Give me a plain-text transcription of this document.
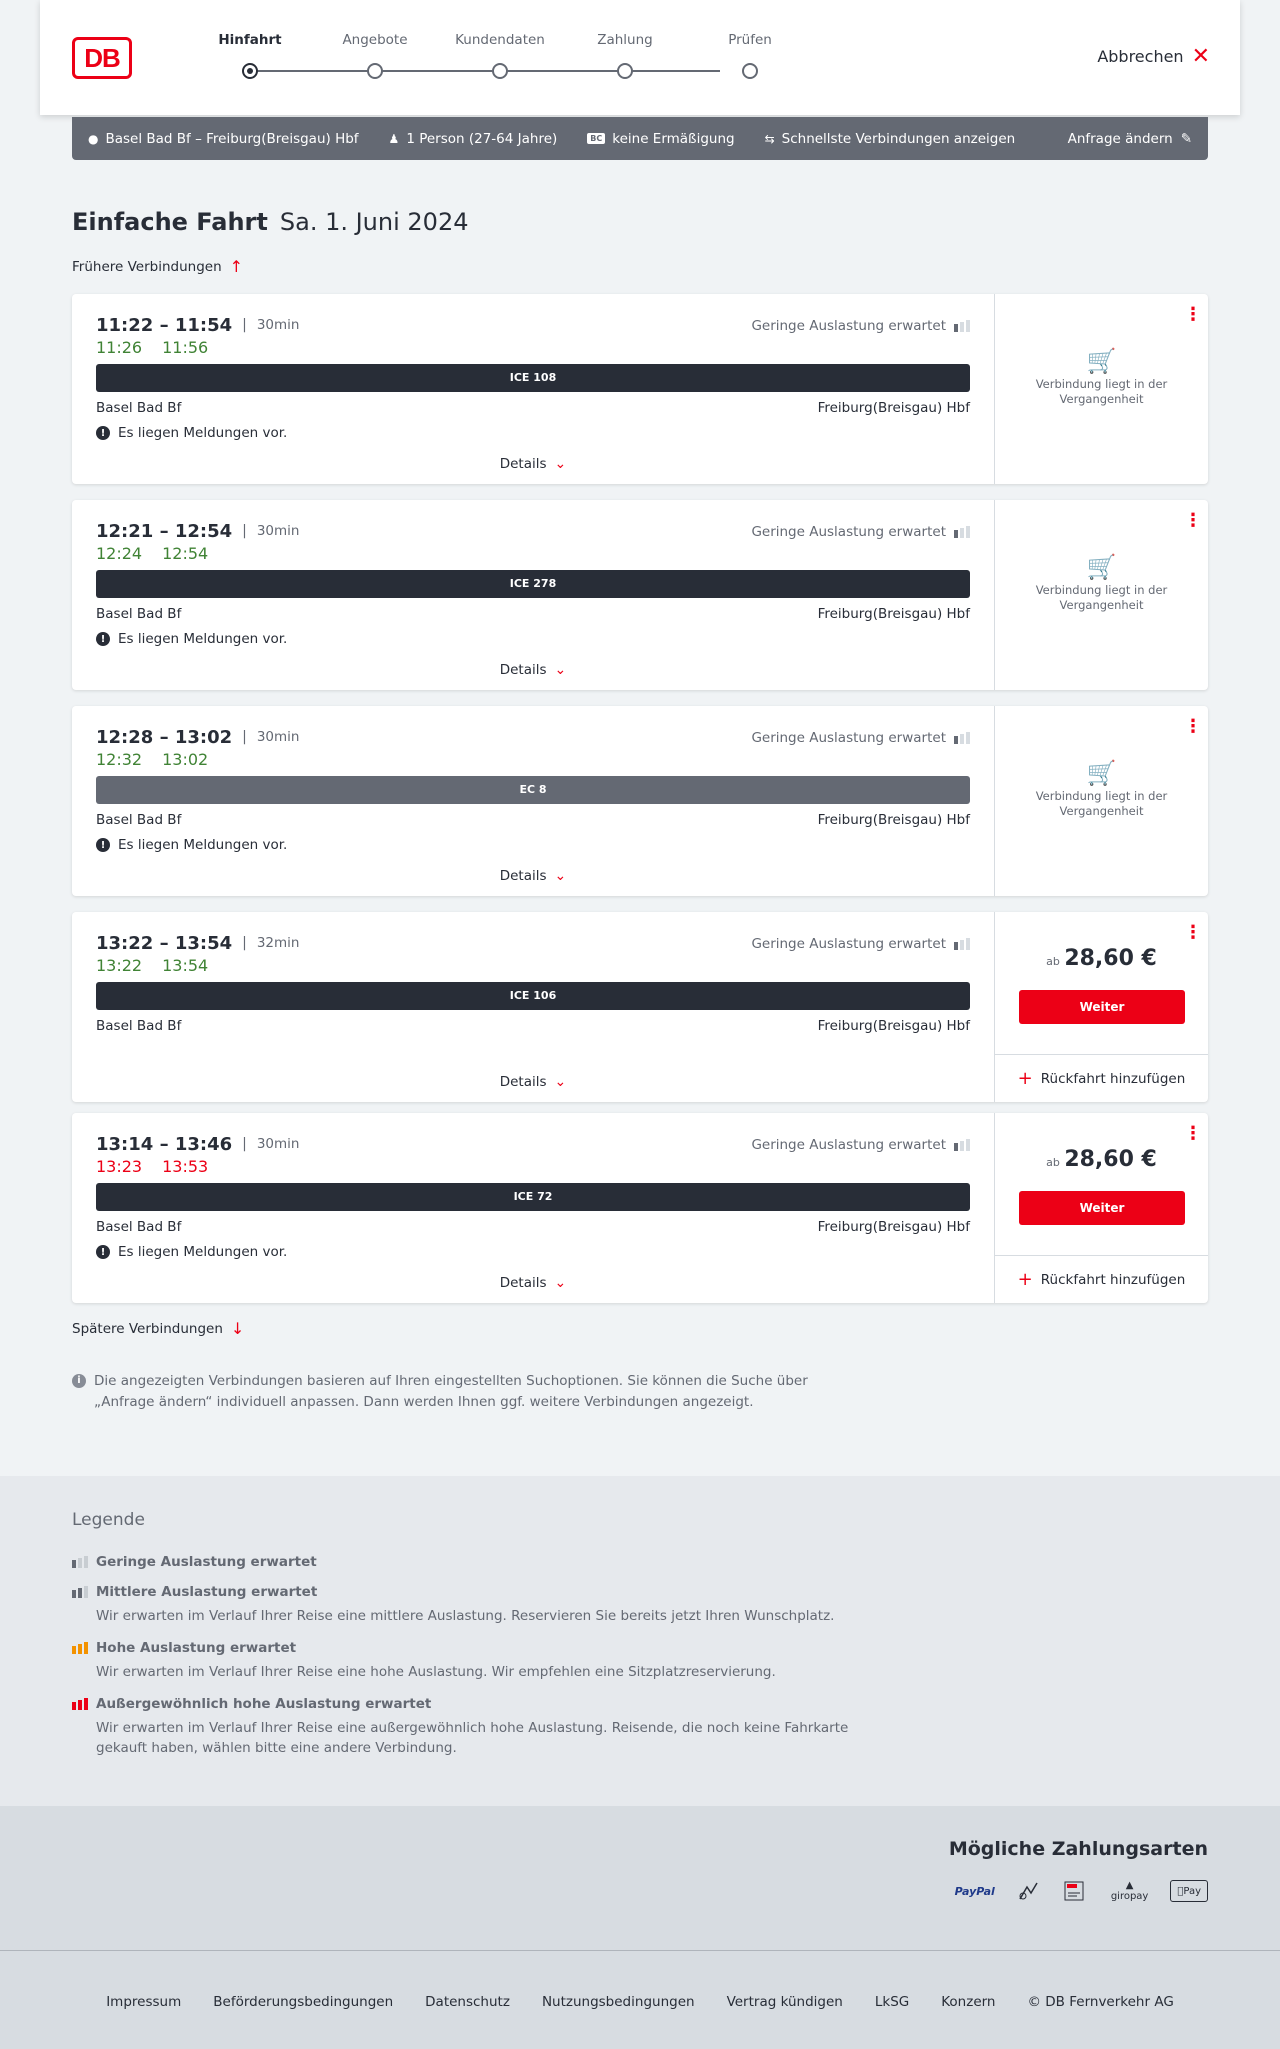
DB
Hinfahrt	Angebote	Kundendaten	Zahlung	Prüfen
Abbrechen ✕
● Basel Bad Bf – Freiburg(Breisgau) Hbf	♟ 1 Person (27-64 Jahre)	BC keine Ermäßigung	⇆ Schnellste Verbindungen anzeigen	Anfrage ändern ✎
Einfache Fahrt Sa. 1. Juni 2024
Frühere Verbindungen ↑
11:22 – 11:54 | 30min	Geringe Auslastung erwartet
11:26 11:56
ICE 108
Basel Bad Bf	Freiburg(Breisgau) Hbf
! Es liegen Meldungen vor.
Details ⌄
⋮
🛒
Verbindung liegt in der Vergangenheit
12:21 – 12:54 | 30min	Geringe Auslastung erwartet
12:24 12:54
ICE 278
Basel Bad Bf	Freiburg(Breisgau) Hbf
! Es liegen Meldungen vor.
Details ⌄
⋮
🛒
Verbindung liegt in der Vergangenheit
12:28 – 13:02 | 30min	Geringe Auslastung erwartet
12:32 13:02
EC 8
Basel Bad Bf	Freiburg(Breisgau) Hbf
! Es liegen Meldungen vor.
Details ⌄
⋮
🛒
Verbindung liegt in der Vergangenheit
13:22 – 13:54 | 32min	Geringe Auslastung erwartet
13:22 13:54
ICE 106
Basel Bad Bf	Freiburg(Breisgau) Hbf
Details ⌄
⋮
ab 28,60 €
Weiter
+ Rückfahrt hinzufügen
13:14 – 13:46 | 30min	Geringe Auslastung erwartet
13:23 13:53
ICE 72
Basel Bad Bf	Freiburg(Breisgau) Hbf
! Es liegen Meldungen vor.
Details ⌄
⋮
ab 28,60 €
Weiter
+ Rückfahrt hinzufügen
Spätere Verbindungen ↓
i Die angezeigten Verbindungen basieren auf Ihren eingestellten Suchoptionen. Sie können die Suche über „Anfrage ändern“ individuell anpassen. Dann werden Ihnen ggf. weitere Verbindungen angezeigt.
Legende
Geringe Auslastung erwartet
Mittlere Auslastung erwartet
Wir erwarten im Verlauf Ihrer Reise eine mittlere Auslastung. Reservieren Sie bereits jetzt Ihren Wunschplatz.
Hohe Auslastung erwartet
Wir erwarten im Verlauf Ihrer Reise eine hohe Auslastung. Wir empfehlen eine Sitzplatzreservierung.
Außergewöhnlich hohe Auslastung erwartet
Wir erwarten im Verlauf Ihrer Reise eine außergewöhnlich hohe Auslastung. Reisende, die noch keine Fahrkarte gekauft haben, wählen bitte eine andere Verbindung.
Mögliche Zahlungsarten
PayPal	▲
giropay	Pay
Impressum Beförderungsbedingungen Datenschutz Nutzungsbedingungen Vertrag kündigen LkSG Konzern © DB Fernverkehr AG
